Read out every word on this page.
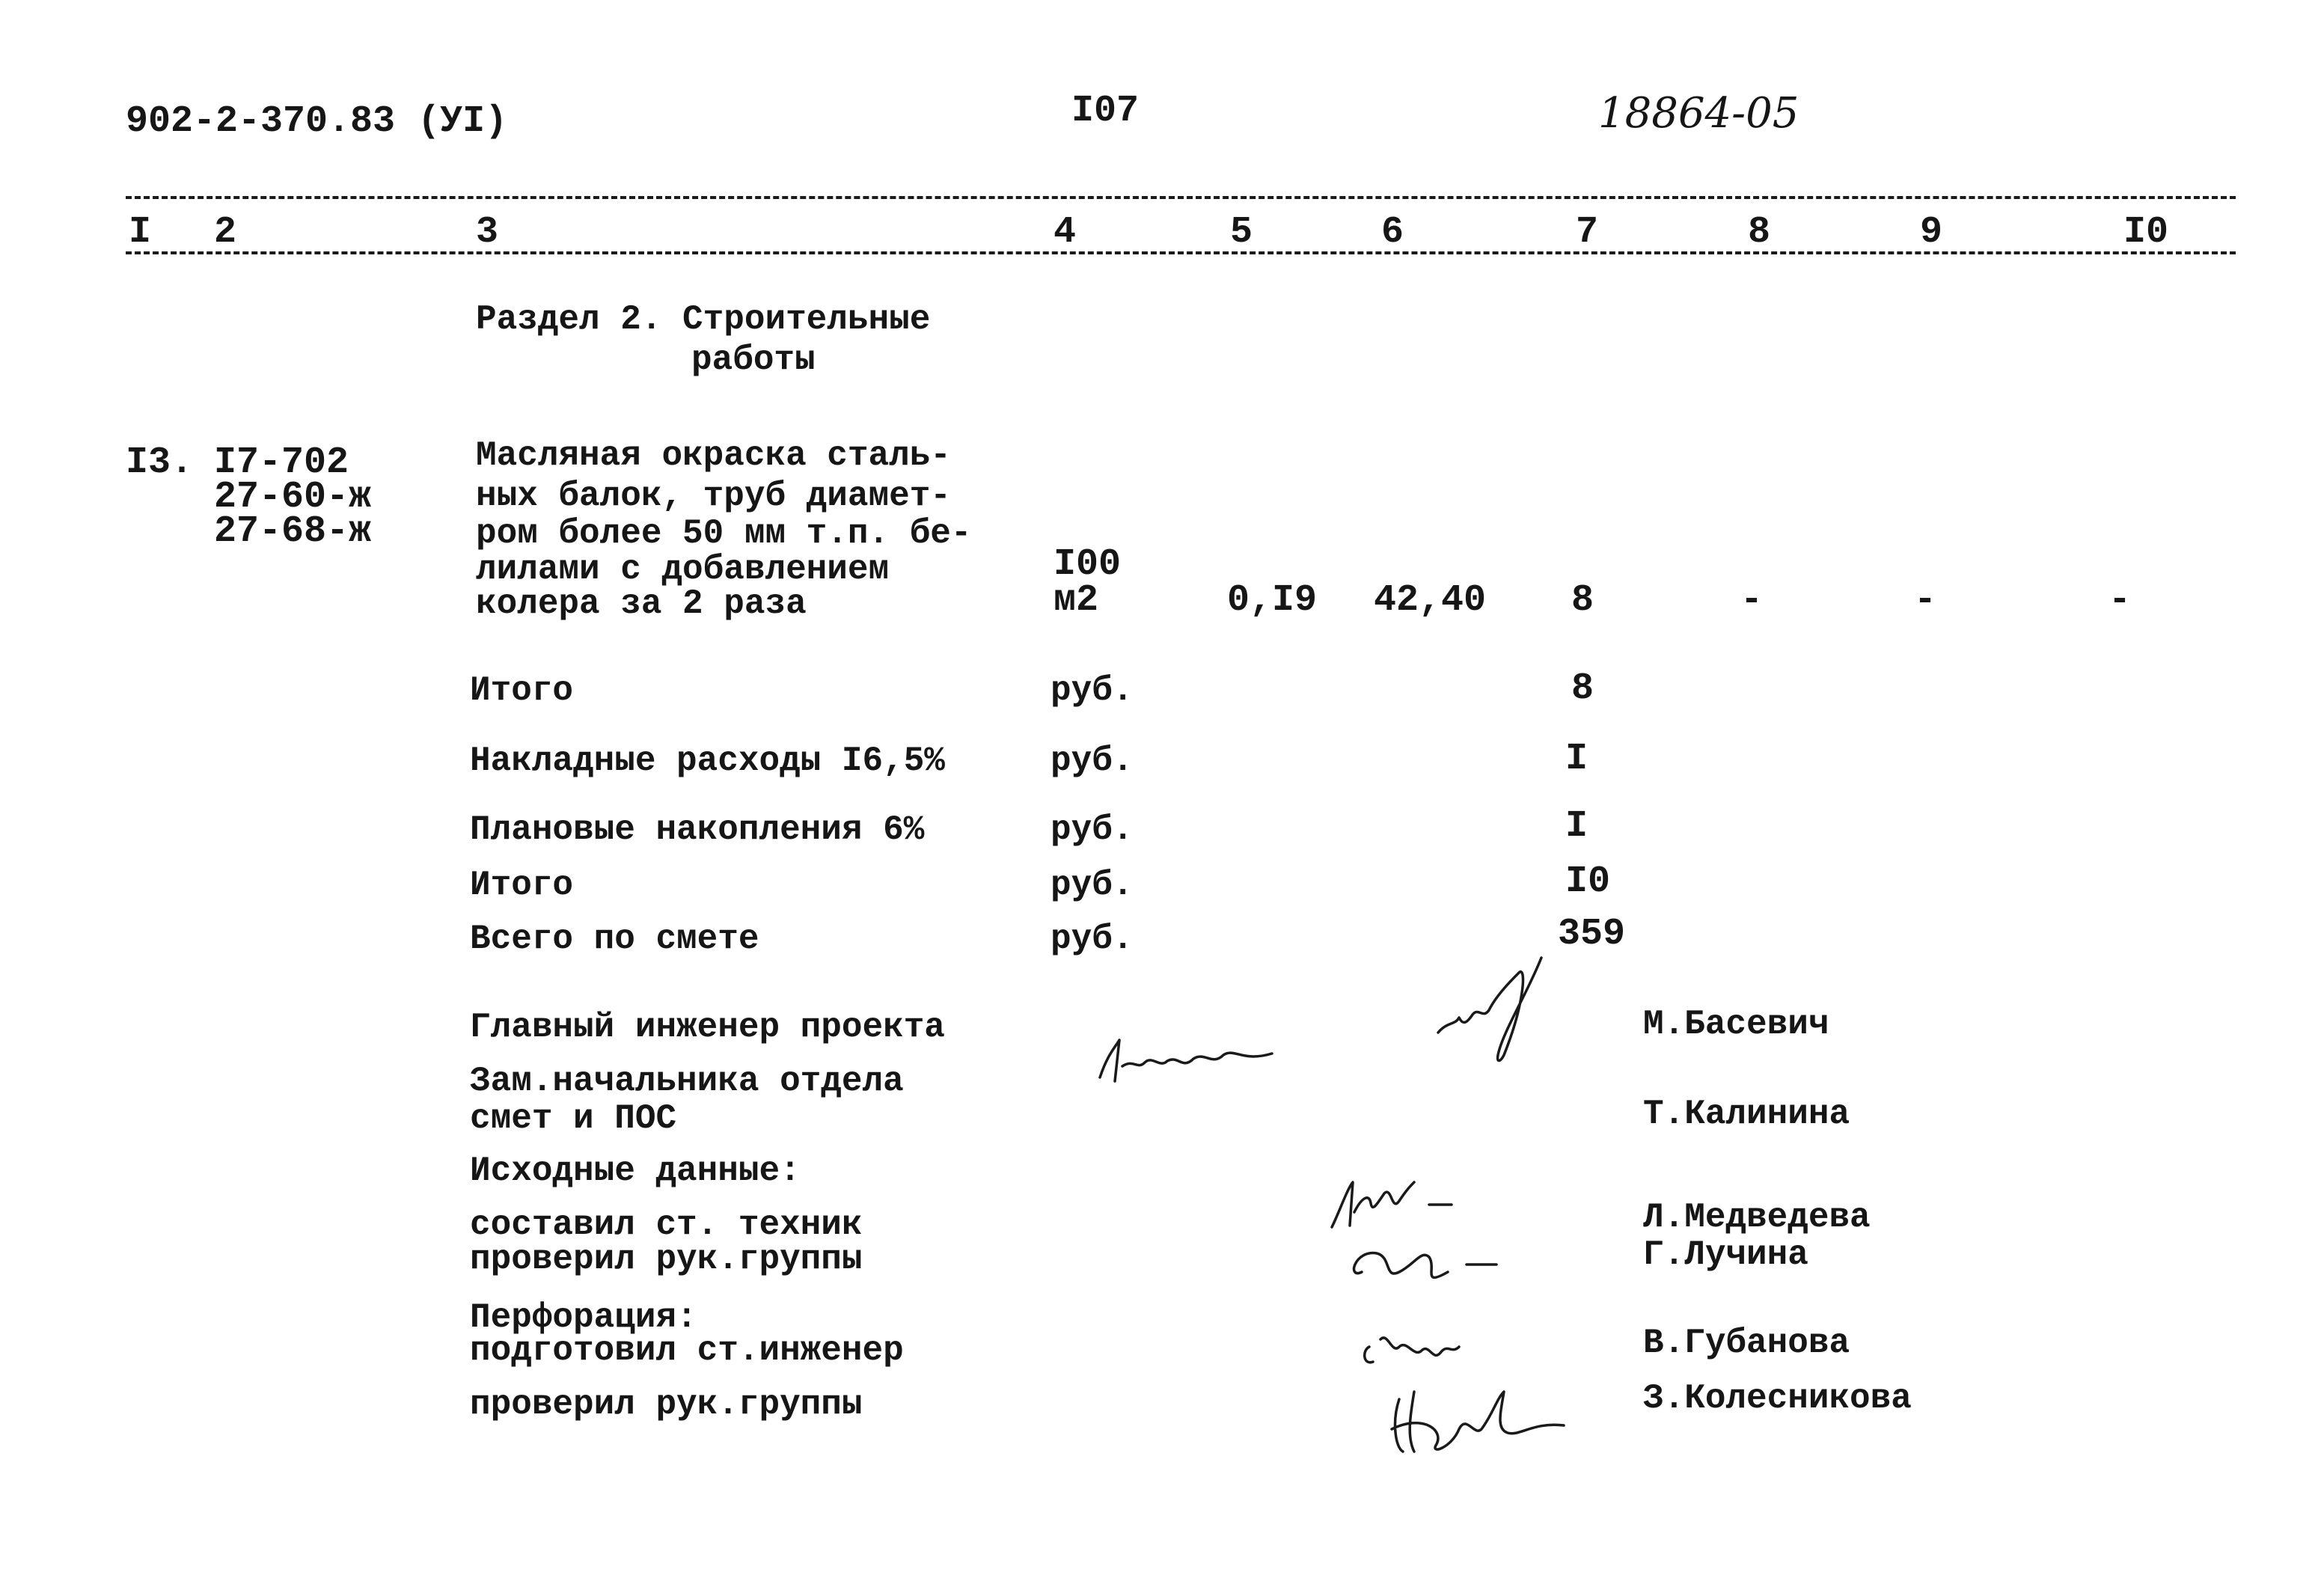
902-2-370.83 (УI)	I07	18864-05
I 2	3	4	5	6	7	8	9	I0
Раздел 2. Строительные
работы
I3. I7-702
27-60-ж
27-68-ж
Масляная окраска сталь-
ных балок, труб диамет-
ром более 50 мм т.п. бе-
лилами с добавлением
колера за 2 раза
I00
м2	0,I9 42,40 8	-	-	-
Итого	руб.	8
Накладные расходы I6,5%	руб.	I
Плановые накопления 6%	руб.	I
Итого	руб.	I0
Всего по смете	руб.	359
Главный инженер проекта
Зам.начальника отдела
смет и ПОС
Исходные данные:
составил ст. техник
проверил рук.группы
Перфорация:
подготовил ст.инженер
проверил рук.группы
М.Басевич
Т.Калинина
Л.Медведева
Г.Лучина
В.Губанова
З.Колесникова
